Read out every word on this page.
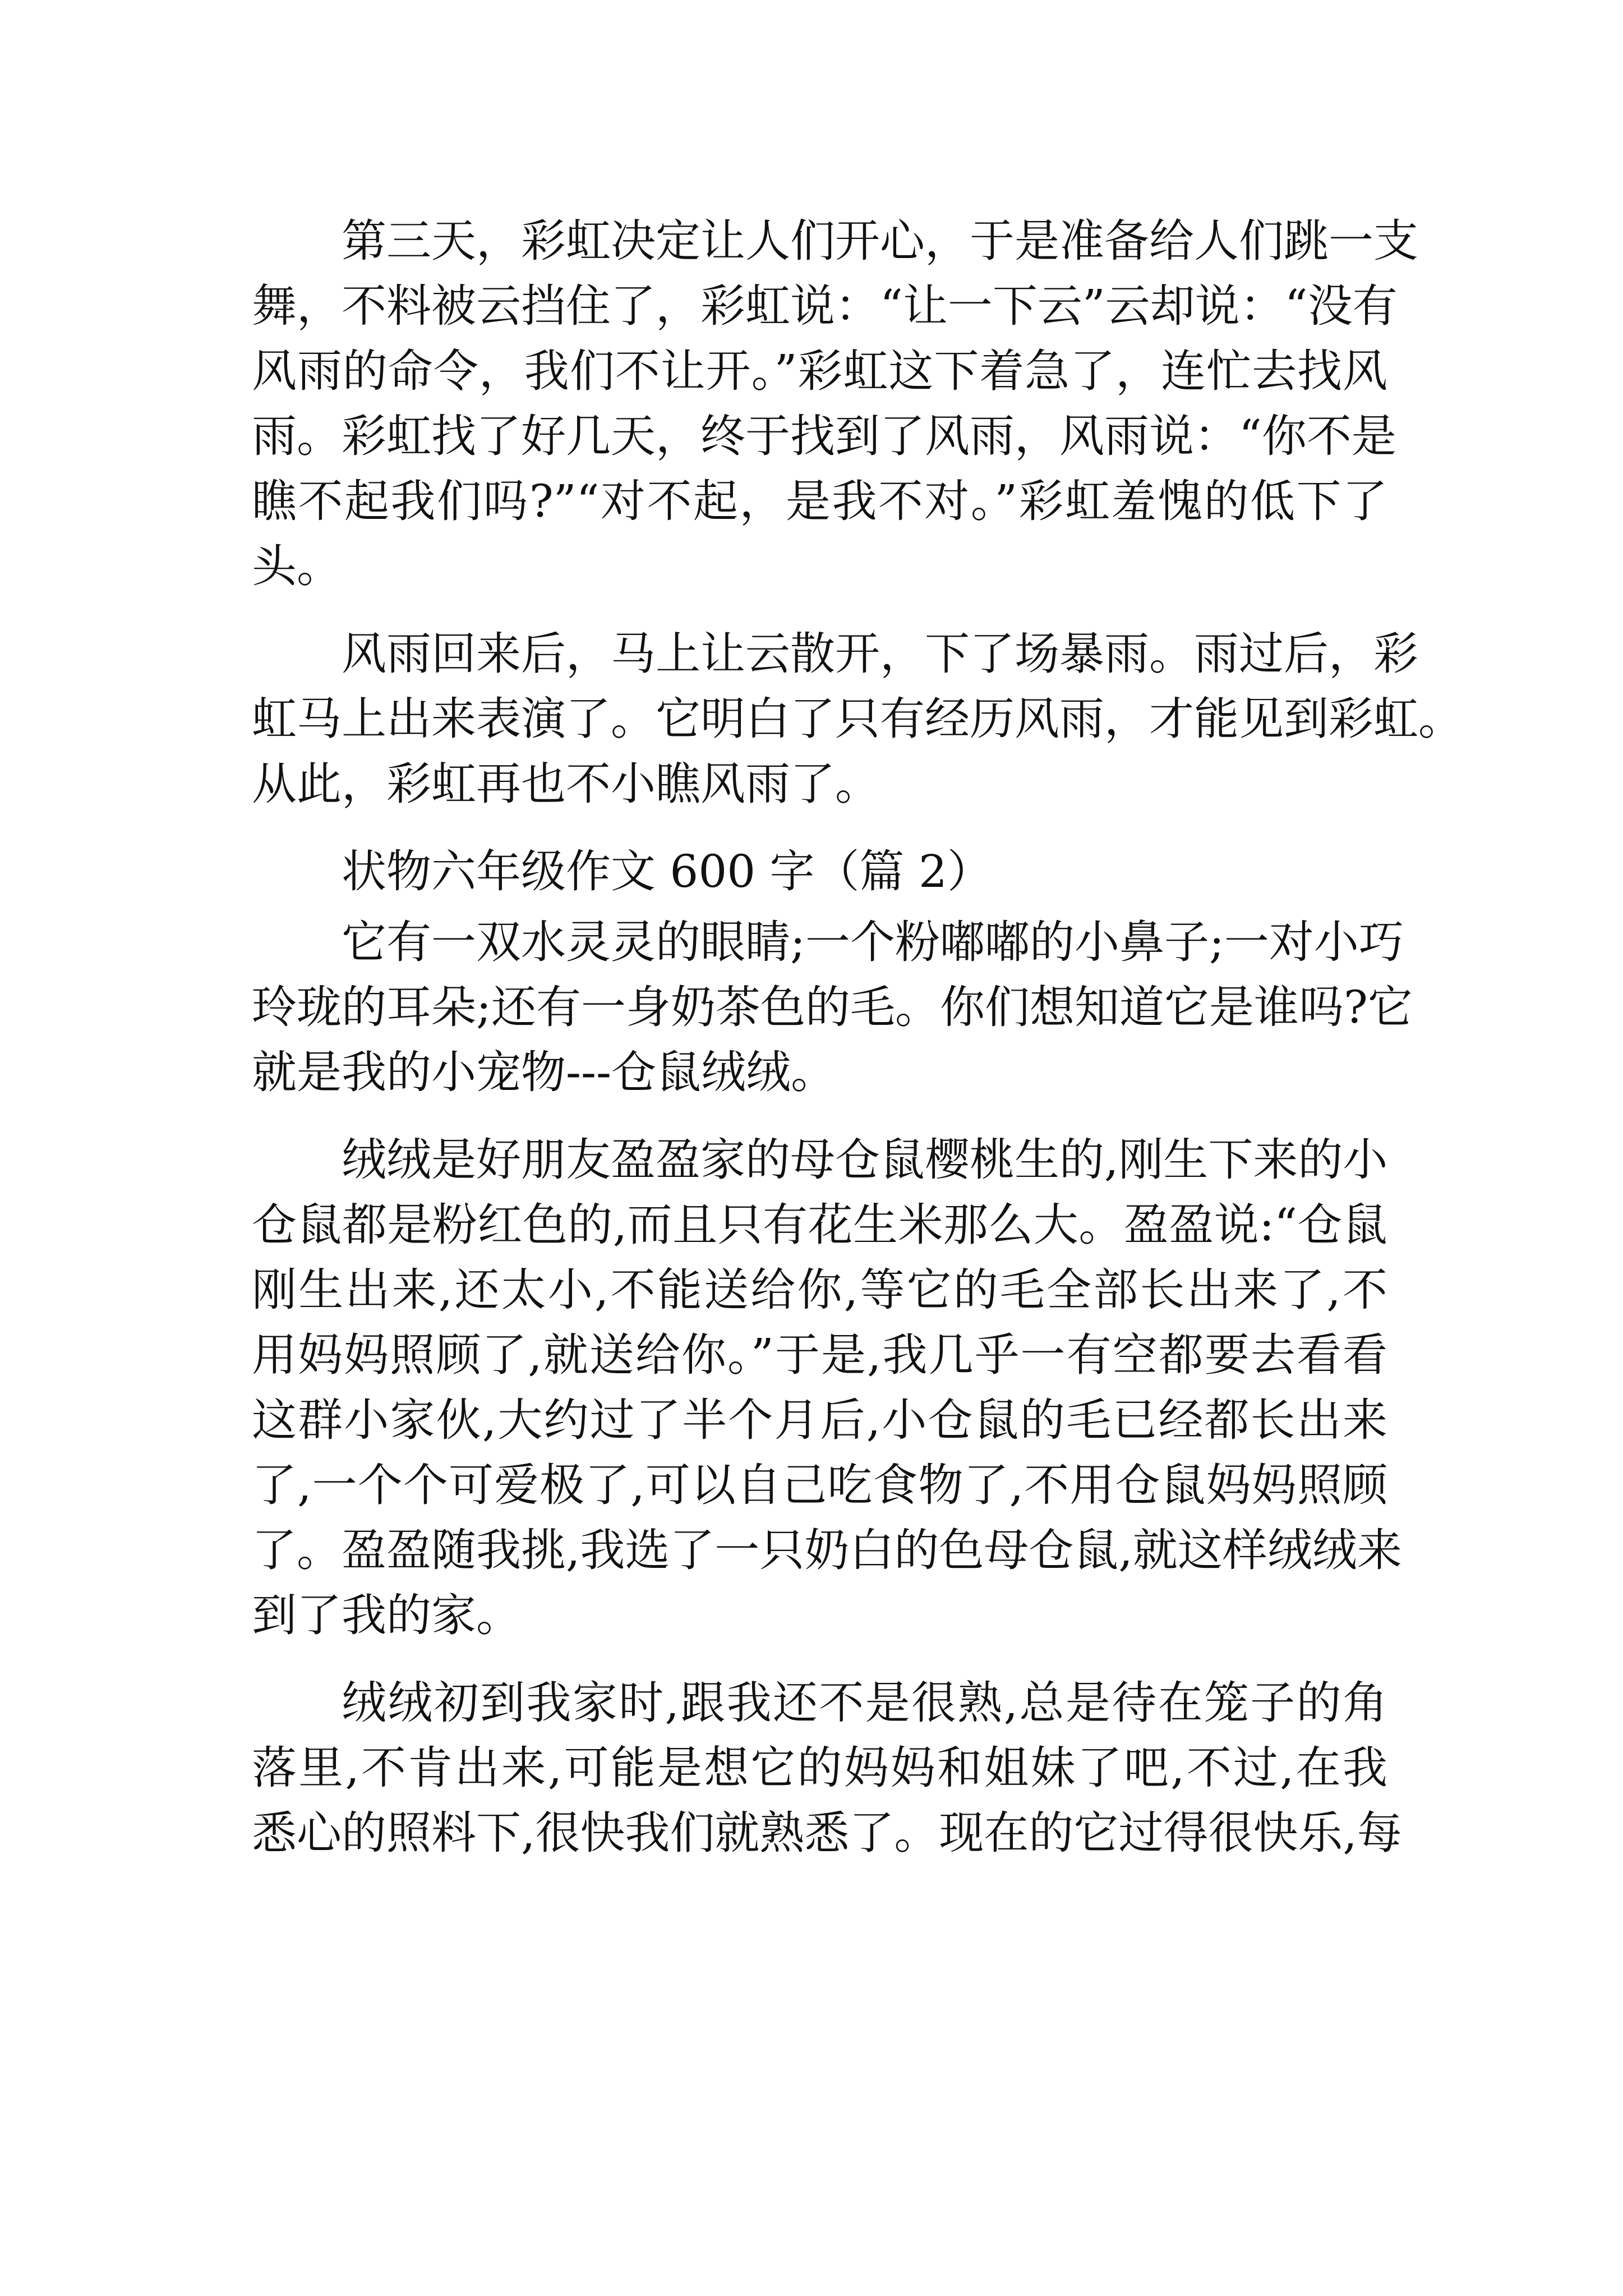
第三天，彩虹决定让人们开心，于是准备给人们跳一支
舞，不料被云挡住了，彩虹说：“让一下云”云却说：“没有
风雨的命令，我们不让开。”彩虹这下着急了，连忙去找风
雨。彩虹找了好几天，终于找到了风雨，风雨说：“你不是
瞧不起我们吗?”“对不起，是我不对。”彩虹羞愧的低下了
头。
风雨回来后，马上让云散开，下了场暴雨。雨过后，彩
虹马上出来表演了。它明白了只有经历风雨，才能见到彩虹。
从此，彩虹再也不小瞧风雨了。
状物六年级作文 600 字（篇 2）
它有一双水灵灵的眼睛;一个粉嘟嘟的小鼻子;一对小巧
玲珑的耳朵;还有一身奶茶色的毛。你们想知道它是谁吗?它
就是我的小宠物---仓鼠绒绒。
绒绒是好朋友盈盈家的母仓鼠樱桃生的,刚生下来的小
仓鼠都是粉红色的,而且只有花生米那么大。盈盈说:“仓鼠
刚生出来,还太小,不能送给你,等它的毛全部长出来了,不
用妈妈照顾了,就送给你。”于是,我几乎一有空都要去看看
这群小家伙,大约过了半个月后,小仓鼠的毛已经都长出来
了,一个个可爱极了,可以自己吃食物了,不用仓鼠妈妈照顾
了。盈盈随我挑,我选了一只奶白的色母仓鼠,就这样绒绒来
到了我的家。
绒绒初到我家时,跟我还不是很熟,总是待在笼子的角
落里,不肯出来,可能是想它的妈妈和姐妹了吧,不过,在我
悉心的照料下,很快我们就熟悉了。现在的它过得很快乐,每
